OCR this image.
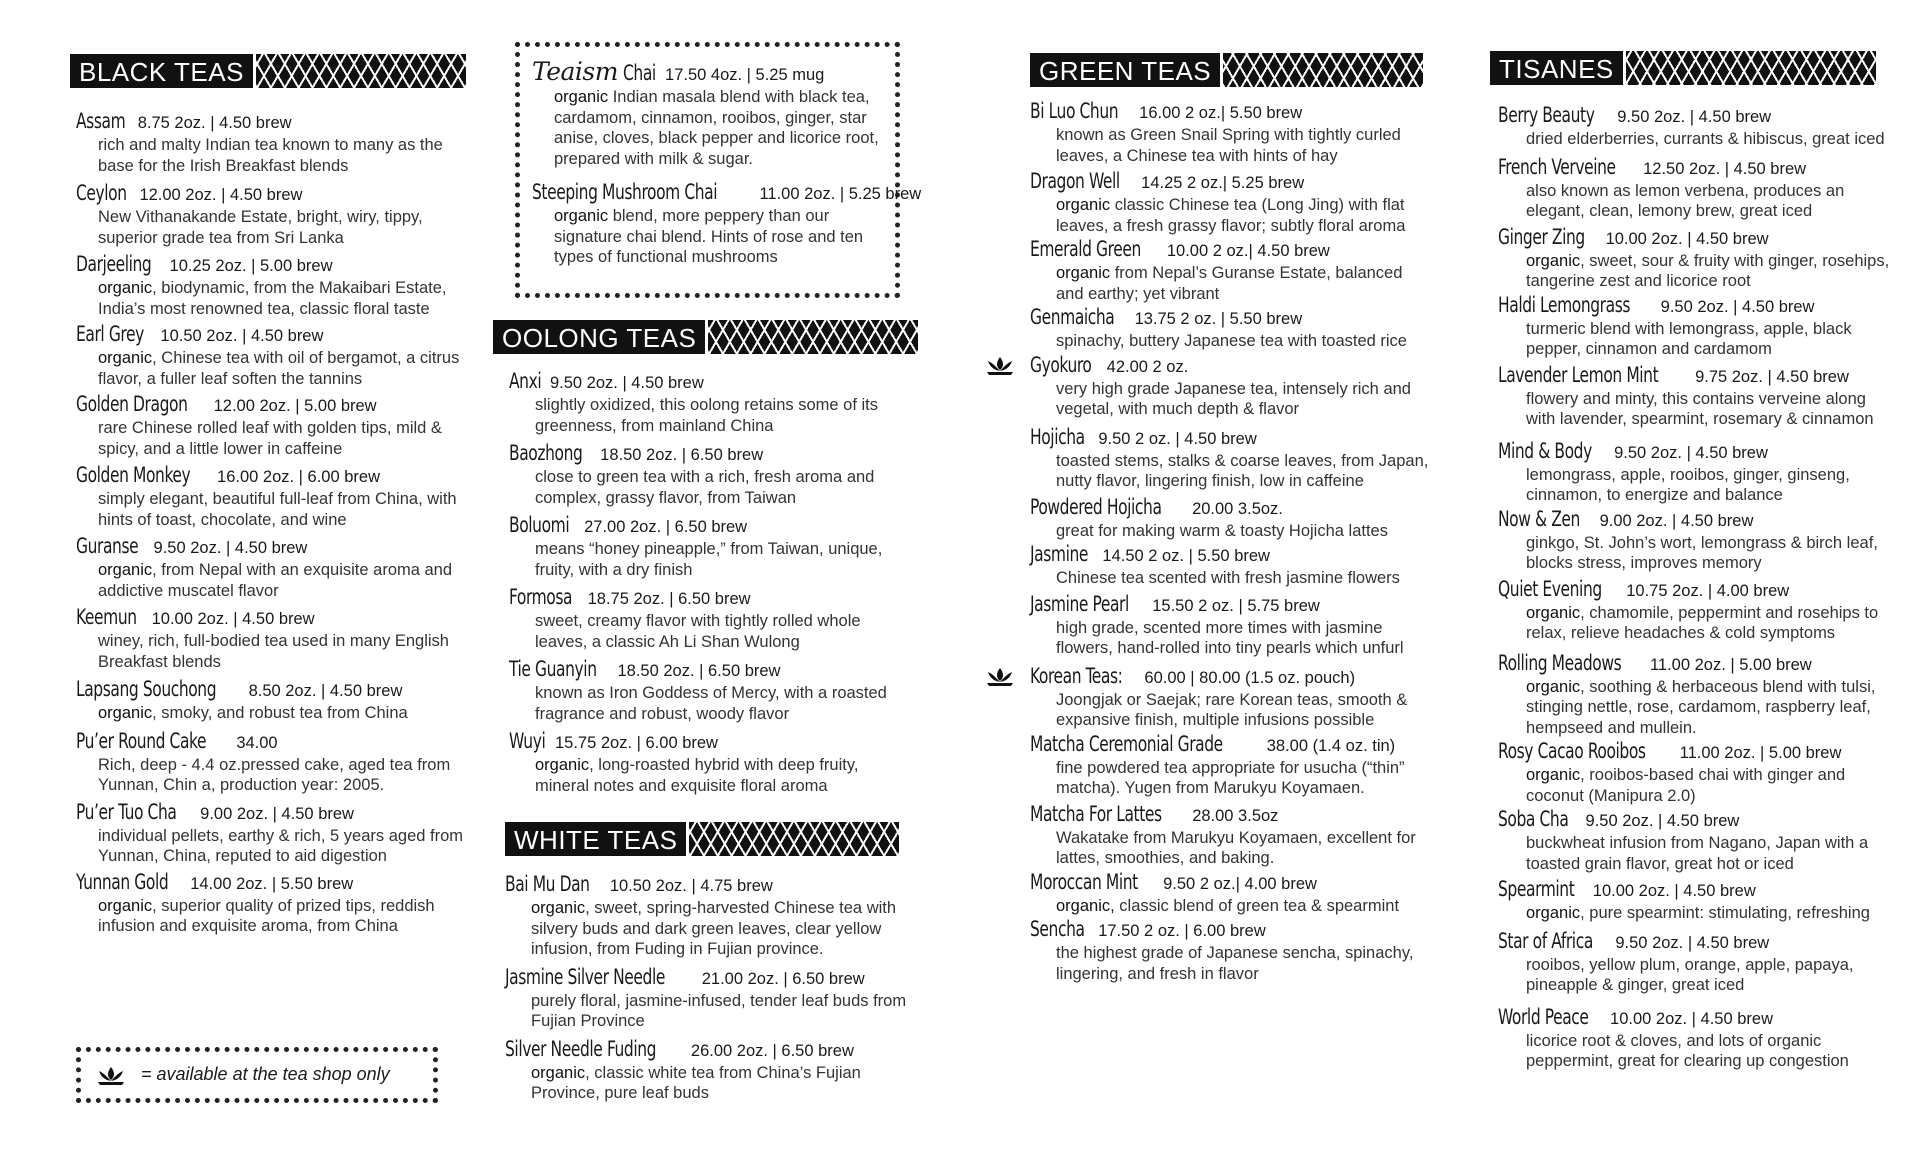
BLACK TEAS
Assam 8.75 2oz. | 4.50 brew
rich and malty Indian tea known to many as the base for the Irish Breakfast blends
Ceylon 12.00 2oz. | 4.50 brew
New Vithanakande Estate, bright, wiry, tippy, superior grade tea from Sri Lanka
Darjeeling 10.25 2oz. | 5.00 brew
organic, biodynamic, from the Makaibari Estate, India’s most renowned tea, classic floral taste
Earl Grey 10.50 2oz. | 4.50 brew
organic, Chinese tea with oil of bergamot, a citrus flavor, a fuller leaf soften the tannins
Golden Dragon 12.00 2oz. | 5.00 brew
rare Chinese rolled leaf with golden tips, mild & spicy, and a little lower in caffeine
Golden Monkey 16.00 2oz. | 6.00 brew
simply elegant, beautiful full-leaf from China, with hints of toast, chocolate, and wine
Guranse 9.50 2oz. | 4.50 brew
organic, from Nepal with an exquisite aroma and addictive muscatel flavor
Keemun 10.00 2oz. | 4.50 brew
winey, rich, full-bodied tea used in many English Breakfast blends
Lapsang Souchong 8.50 2oz. | 4.50 brew
organic, smoky, and robust tea from China
Pu’er Round Cake 34.00
Rich, deep - 4.4 oz.pressed cake, aged tea from Yunnan, Chin a, production year: 2005.
Pu’er Tuo Cha 9.00 2oz. | 4.50 brew
individual pellets, earthy & rich, 5 years aged from Yunnan, China, reputed to aid digestion
Yunnan Gold 14.00 2oz. | 5.50 brew
organic, superior quality of prized tips, reddish infusion and exquisite aroma, from China
= available at the tea shop only
Teaism Chai 17.50 4oz. | 5.25 mug
organic Indian masala blend with black tea, cardamom, cinnamon, rooibos, ginger, star anise, cloves, black pepper and licorice root, prepared with milk & sugar.
Steeping Mushroom Chai	11.00 2oz. | 5.25 brew
organic blend, more peppery than our signature chai blend. Hints of rose and ten types of functional mushrooms
OOLONG TEAS
Anxi 9.50 2oz. | 4.50 brew
slightly oxidized, this oolong retains some of its greenness, from mainland China
Baozhong 18.50 2oz. | 6.50 brew
close to green tea with a rich, fresh aroma and complex, grassy flavor, from Taiwan
Boluomi 27.00 2oz. | 6.50 brew
means “honey pineapple,” from Taiwan, unique, fruity, with a dry finish
Formosa 18.75 2oz. | 6.50 brew
sweet, creamy flavor with tightly rolled whole leaves, a classic Ah Li Shan Wulong
Tie Guanyin 18.50 2oz. | 6.50 brew
known as Iron Goddess of Mercy, with a roasted fragrance and robust, woody flavor
Wuyi 15.75 2oz. | 6.00 brew
organic, long-roasted hybrid with deep fruity, mineral notes and exquisite floral aroma
WHITE TEAS
Bai Mu Dan 10.50 2oz. | 4.75 brew
organic, sweet, spring-harvested Chinese tea with silvery buds and dark green leaves, clear yellow infusion, from Fuding in Fujian province.
Jasmine Silver Needle 21.00 2oz. | 6.50 brew
purely floral, jasmine-infused, tender leaf buds from Fujian Province
Silver Needle Fuding 26.00 2oz. | 6.50 brew
organic, classic white tea from China’s Fujian Province, pure leaf buds
GREEN TEAS
Bi Luo Chun 16.00 2 oz.| 5.50 brew
known as Green Snail Spring with tightly curled leaves, a Chinese tea with hints of hay
Dragon Well 14.25 2 oz.| 5.25 brew
organic classic Chinese tea (Long Jing) with flat leaves, a fresh grassy flavor; subtly floral aroma
Emerald Green 10.00 2 oz.| 4.50 brew
organic from Nepal’s Guranse Estate, balanced and earthy; yet vibrant
Genmaicha 13.75 2 oz. | 5.50 brew
spinachy, buttery Japanese tea with toasted rice
Gyokuro 42.00 2 oz.
very high grade Japanese tea, intensely rich and vegetal, with much depth & flavor
Hojicha 9.50 2 oz. | 4.50 brew
toasted stems, stalks & coarse leaves, from Japan, nutty flavor, lingering finish, low in caffeine
Powdered Hojicha 20.00 3.5oz.
great for making warm & toasty Hojicha lattes
Jasmine 14.50 2 oz. | 5.50 brew
Chinese tea scented with fresh jasmine flowers
Jasmine Pearl 15.50 2 oz. | 5.75 brew
high grade, scented more times with jasmine flowers, hand-rolled into tiny pearls which unfurl
Korean Teas: 60.00 | 80.00 (1.5 oz. pouch)
Joongjak or Saejak; rare Korean teas, smooth & expansive finish, multiple infusions possible
Matcha Ceremonial Grade	38.00 (1.4 oz. tin)
fine powdered tea appropriate for usucha (“thin” matcha). Yugen from Marukyu Koyamaen.
Matcha For Lattes 28.00 3.5oz
Wakatake from Marukyu Koyamaen, excellent for lattes, smoothies, and baking.
Moroccan Mint 9.50 2 oz.| 4.00 brew
organic, classic blend of green tea & spearmint
Sencha 17.50 2 oz. | 6.00 brew
the highest grade of Japanese sencha, spinachy, lingering, and fresh in flavor
TISANES
Berry Beauty 9.50 2oz. | 4.50 brew
dried elderberries, currants & hibiscus, great iced
French Verveine 12.50 2oz. | 4.50 brew
also known as lemon verbena, produces an elegant, clean, lemony brew, great iced
Ginger Zing 10.00 2oz. | 4.50 brew
organic, sweet, sour & fruity with ginger, rosehips, tangerine zest and licorice root
Haldi Lemongrass 9.50 2oz. | 4.50 brew
turmeric blend with lemongrass, apple, black pepper, cinnamon and cardamom
Lavender Lemon Mint 9.75 2oz. | 4.50 brew
flowery and minty, this contains verveine along with lavender, spearmint, rosemary & cinnamon
Mind & Body 9.50 2oz. | 4.50 brew
lemongrass, apple, rooibos, ginger, ginseng, cinnamon, to energize and balance
Now & Zen 9.00 2oz. | 4.50 brew
ginkgo, St. John’s wort, lemongrass & birch leaf, blocks stress, improves memory
Quiet Evening 10.75 2oz. | 4.00 brew
organic, chamomile, peppermint and rosehips to relax, relieve headaches & cold symptoms
Rolling Meadows 11.00 2oz. | 5.00 brew
organic, soothing & herbaceous blend with tulsi, stinging nettle, rose, cardamom, raspberry leaf, hempseed and mullein.
Rosy Cacao Rooibos 11.00 2oz. | 5.00 brew
organic, rooibos-based chai with ginger and coconut (Manipura 2.0)
Soba Cha 9.50 2oz. | 4.50 brew
buckwheat infusion from Nagano, Japan with a toasted grain flavor, great hot or iced
Spearmint 10.00 2oz. | 4.50 brew
organic, pure spearmint: stimulating, refreshing
Star of Africa 9.50 2oz. | 4.50 brew
rooibos, yellow plum, orange, apple, papaya, pineapple & ginger, great iced
World Peace 10.00 2oz. | 4.50 brew
licorice root & cloves, and lots of organic peppermint, great for clearing up congestion
